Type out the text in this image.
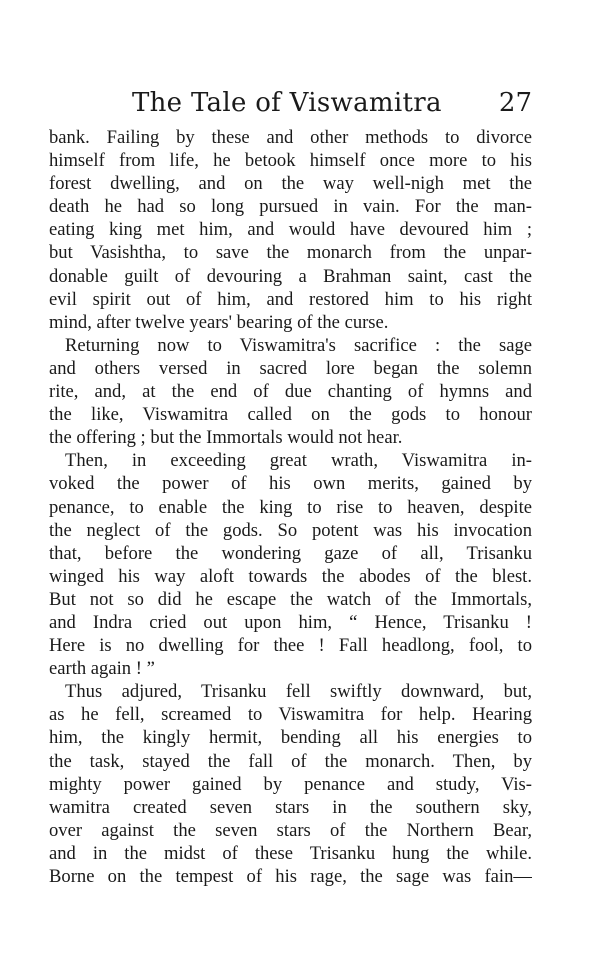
The Tale of Viswamitra 27
bank. Failing by these and other methods to divorce
himself from life, he betook himself once more to his
forest dwelling, and on the way well-nigh met the
death he had so long pursued in vain. For the man-
eating king met him, and would have devoured him ;
but Vasishtha, to save the monarch from the unpar-
donable guilt of devouring a Brahman saint, cast the
evil spirit out of him, and restored him to his right
mind, after twelve years' bearing of the curse.
Returning now to Viswamitra's sacrifice : the sage
and others versed in sacred lore began the solemn
rite, and, at the end of due chanting of hymns and
the like, Viswamitra called on the gods to honour
the offering ; but the Immortals would not hear.
Then, in exceeding great wrath, Viswamitra in-
voked the power of his own merits, gained by
penance, to enable the king to rise to heaven, despite
the neglect of the gods. So potent was his invocation
that, before the wondering gaze of all, Trisanku
winged his way aloft towards the abodes of the blest.
But not so did he escape the watch of the Immortals,
and Indra cried out upon him, “ Hence, Trisanku !
Here is no dwelling for thee ! Fall headlong, fool, to
earth again ! ”
Thus adjured, Trisanku fell swiftly downward, but,
as he fell, screamed to Viswamitra for help. Hearing
him, the kingly hermit, bending all his energies to
the task, stayed the fall of the monarch. Then, by
mighty power gained by penance and study, Vis-
wamitra created seven stars in the southern sky,
over against the seven stars of the Northern Bear,
and in the midst of these Trisanku hung the while.
Borne on the tempest of his rage, the sage was fain—
